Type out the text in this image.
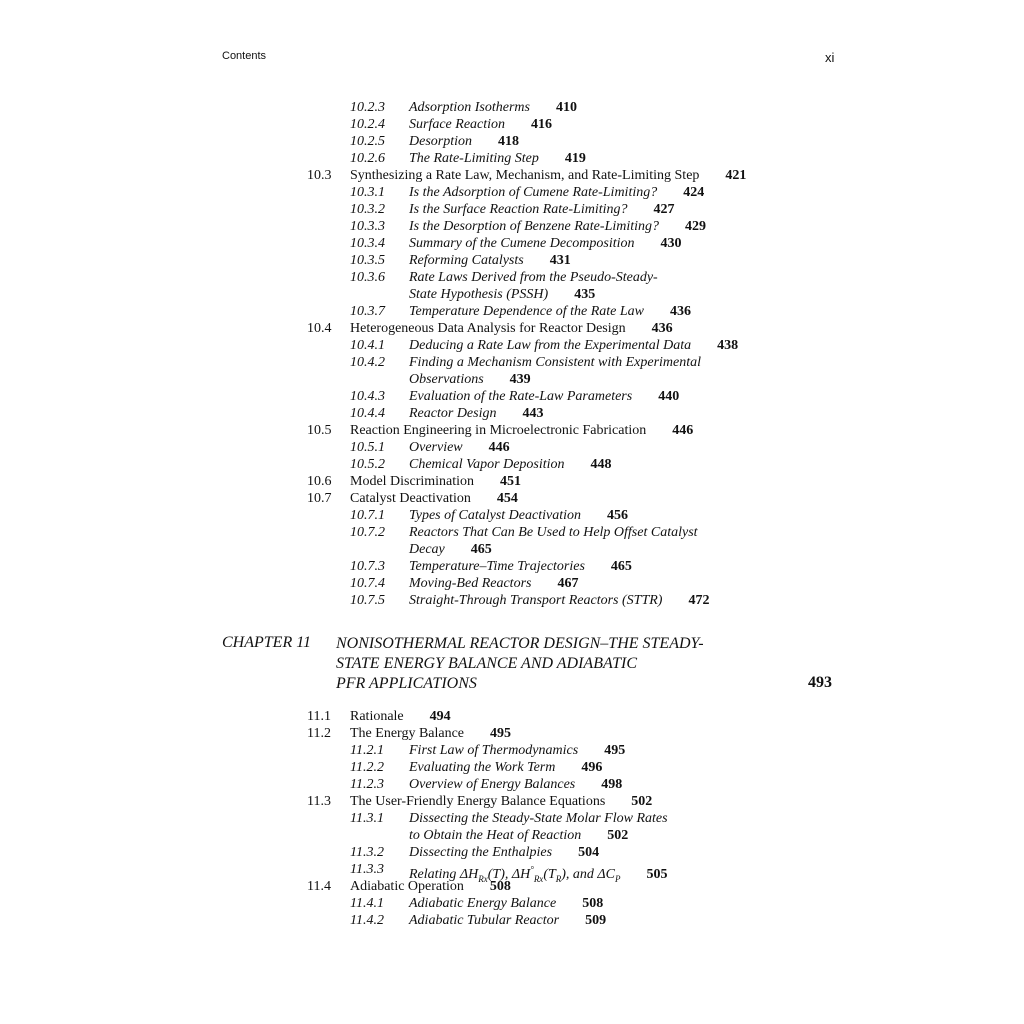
Contents	xi
10.2.3 Adsorption Isotherms 410
10.2.4 Surface Reaction 416
10.2.5 Desorption 418
10.2.6 The Rate-Limiting Step 419
10.3 Synthesizing a Rate Law, Mechanism, and Rate-Limiting Step 421
10.3.1 Is the Adsorption of Cumene Rate-Limiting? 424
10.3.2 Is the Surface Reaction Rate-Limiting? 427
10.3.3 Is the Desorption of Benzene Rate-Limiting? 429
10.3.4 Summary of the Cumene Decomposition 430
10.3.5 Reforming Catalysts 431
10.3.6 Rate Laws Derived from the Pseudo-Steady-
State Hypothesis (PSSH) 435
10.3.7 Temperature Dependence of the Rate Law 436
10.4 Heterogeneous Data Analysis for Reactor Design 436
10.4.1 Deducing a Rate Law from the Experimental Data 438
10.4.2 Finding a Mechanism Consistent with Experimental
Observations 439
10.4.3 Evaluation of the Rate-Law Parameters 440
10.4.4 Reactor Design 443
10.5 Reaction Engineering in Microelectronic Fabrication 446
10.5.1 Overview 446
10.5.2 Chemical Vapor Deposition 448
10.6 Model Discrimination 451
10.7 Catalyst Deactivation 454
10.7.1 Types of Catalyst Deactivation 456
10.7.2 Reactors That Can Be Used to Help Offset Catalyst
Decay 465
10.7.3 Temperature–Time Trajectories 465
10.7.4 Moving-Bed Reactors 467
10.7.5 Straight-Through Transport Reactors (STTR) 472
11.1 Rationale 494
11.2 The Energy Balance 495
11.2.1 First Law of Thermodynamics 495
11.2.2 Evaluating the Work Term 496
11.2.3 Overview of Energy Balances 498
11.3 The User-Friendly Energy Balance Equations 502
11.3.1 Dissecting the Steady-State Molar Flow Rates
to Obtain the Heat of Reaction 502
11.3.2 Dissecting the Enthalpies 504
11.3.3 Relating $\Delta H_{Rx}(T)$, $\Delta H^\circ_{Rx}(T_R)$, and $\Delta C_P$ 505
11.4 Adiabatic Operation 508
11.4.1 Adiabatic Energy Balance 508
11.4.2 Adiabatic Tubular Reactor 509
CHAPTER 11 NONISOTHERMAL REACTOR DESIGN–THE STEADY-
STATE ENERGY BALANCE AND ADIABATIC
PFR APPLICATIONS	493
